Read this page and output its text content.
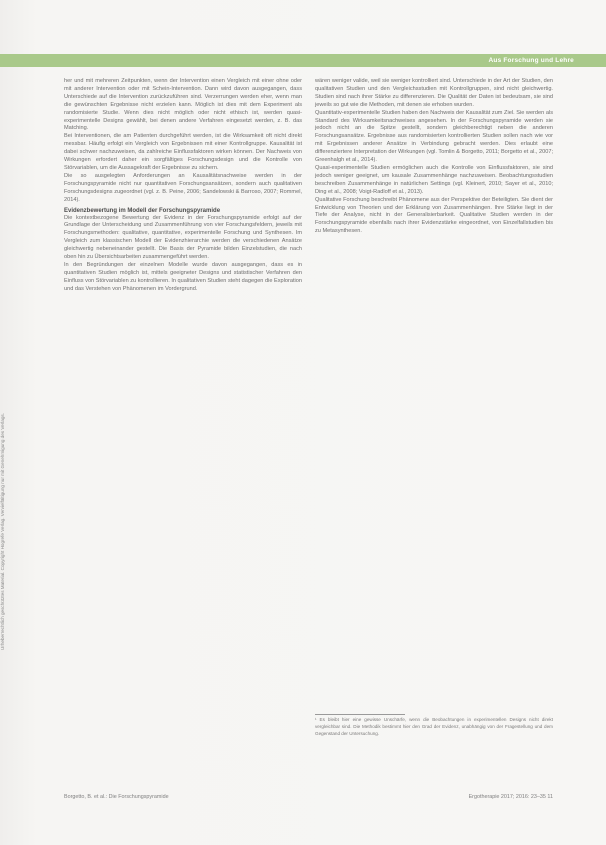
Aus Forschung und Lehre
Urheberrechtlich geschütztes Material. Copyright Hogrefe Verlag. Vervielfältigung nur mit Genehmigung des Verlags.

her und mit mehreren Zeitpunkten, wenn der Intervention einen Vergleich mit einer ohne oder mit anderer Intervention oder mit Schein-Intervention. Dann wird davon ausgegangen, dass Unterschiede auf die Intervention zurückzuführen sind. Verzerrungen werden eher, wenn man die gewünschten Ergebnisse nicht erzielen kann. Möglich ist dies mit dem Experiment als randomisierte Studie. Wenn dies nicht möglich oder nicht ethisch ist, werden quasi-experimentelle Designs gewählt, bei denen andere Verfahren eingesetzt werden, z. B. das Matching.

Bei Interventionen, die am Patienten durchgeführt werden, ist die Wirksamkeit oft nicht direkt messbar. Häufig erfolgt ein Vergleich von Ergebnissen mit einer Kontrollgruppe. Kausalität ist dabei schwer nachzuweisen, da zahlreiche Einflussfaktoren wirken können. Der Nachweis von Wirkungen erfordert daher ein sorgfältiges Forschungsdesign und die Kontrolle von Störvariablen, um die Aussagekraft der Ergebnisse zu sichern.

Die so ausgelegten Anforderungen an Kausalitätsnachweise werden in der Forschungspyramide nicht nur quantitativen Forschungsansätzen, sondern auch qualitativen Forschungsdesigns zugeordnet (vgl. z. B. Peine, 2006; Sandelowski & Barroso, 2007; Rommel, 2014).

Evidenzbewertung im Modell der Forschungspyramide

Die kontextbezogene Bewertung der Evidenz in der Forschungspyramide erfolgt auf der Grundlage der Unterscheidung und Zusammenführung von vier Forschungsfeldern, jeweils mit Forschungsmethoden: qualitative, quantitative, experimentelle Forschung und Synthesen. Im Vergleich zum klassischen Modell der Evidenzhierarchie werden die verschiedenen Ansätze gleichwertig nebeneinander gestellt. Die Basis der Pyramide bilden Einzelstudien, die nach oben hin zu Übersichtsarbeiten zusammengeführt werden.

In den Begründungen der einzelnen Modelle wurde davon ausgegangen, dass es in quantitativen Studien möglich ist, mittels geeigneter Designs und statistischer Verfahren den Einfluss von Störvariablen zu kontrollieren. In qualitativen Studien steht dagegen die Exploration und das Verstehen von Phänomenen im Vordergrund.

wären weniger valide, weil sie weniger kontrolliert sind. Unterschiede in der Art der Studien, den qualitativen Studien und den Vergleichsstudien mit Kontrollgruppen, sind nicht gleichwertig. Studien sind nach ihrer Stärke zu differenzieren. Die Qualität der Daten ist bedeutsam, sie sind jeweils so gut wie die Methoden, mit denen sie erhoben wurden.

Quantitativ-experimentelle Studien haben den Nachweis der Kausalität zum Ziel. Sie werden als Standard des Wirksamkeitsnachweises angesehen. In der Forschungspyramide werden sie jedoch nicht an die Spitze gestellt, sondern gleichberechtigt neben die anderen Forschungsansätze. Ergebnisse aus randomisierten kontrollierten Studien sollen nach wie vor mit Ergebnissen anderer Ansätze in Verbindung gebracht werden. Dies erlaubt eine differenziertere Interpretation der Wirkungen (vgl. Tomlin & Borgetto, 2011; Borgetto et al., 2007; Greenhalgh et al., 2014).

Quasi-experimentelle Studien ermöglichen auch die Kontrolle von Einflussfaktoren, sie sind jedoch weniger geeignet, um kausale Zusammenhänge nachzuweisen. Beobachtungsstudien beschreiben Zusammenhänge in natürlichen Settings (vgl. Kleinert, 2010; Sayer et al., 2010; Ding et al., 2008; Voigt-Radloff et al., 2013).

Qualitative Forschung beschreibt Phänomene aus der Perspektive der Beteiligten. Sie dient der Entwicklung von Theorien und der Erklärung von Zusammenhängen. Ihre Stärke liegt in der Tiefe der Analyse, nicht in der Generalisierbarkeit. Qualitative Studien werden in der Forschungspyramide ebenfalls nach ihrer Evidenzstärke eingeordnet, von Einzelfallstudien bis zu Metasynthesen.

¹ Es bleibt hier eine gewisse Unschärfe, wenn die Beobachtungen in experimentellen Designs nicht direkt vergleichbar sind. Die Methodik bestimmt hier den Grad der Evidenz, unabhängig von der Fragestellung und dem Gegenstand der Untersuchung.
Borgetto, B. et al.: Die Forschungspyramide	Ergotherapie 2017; 2016: 23–35 11
